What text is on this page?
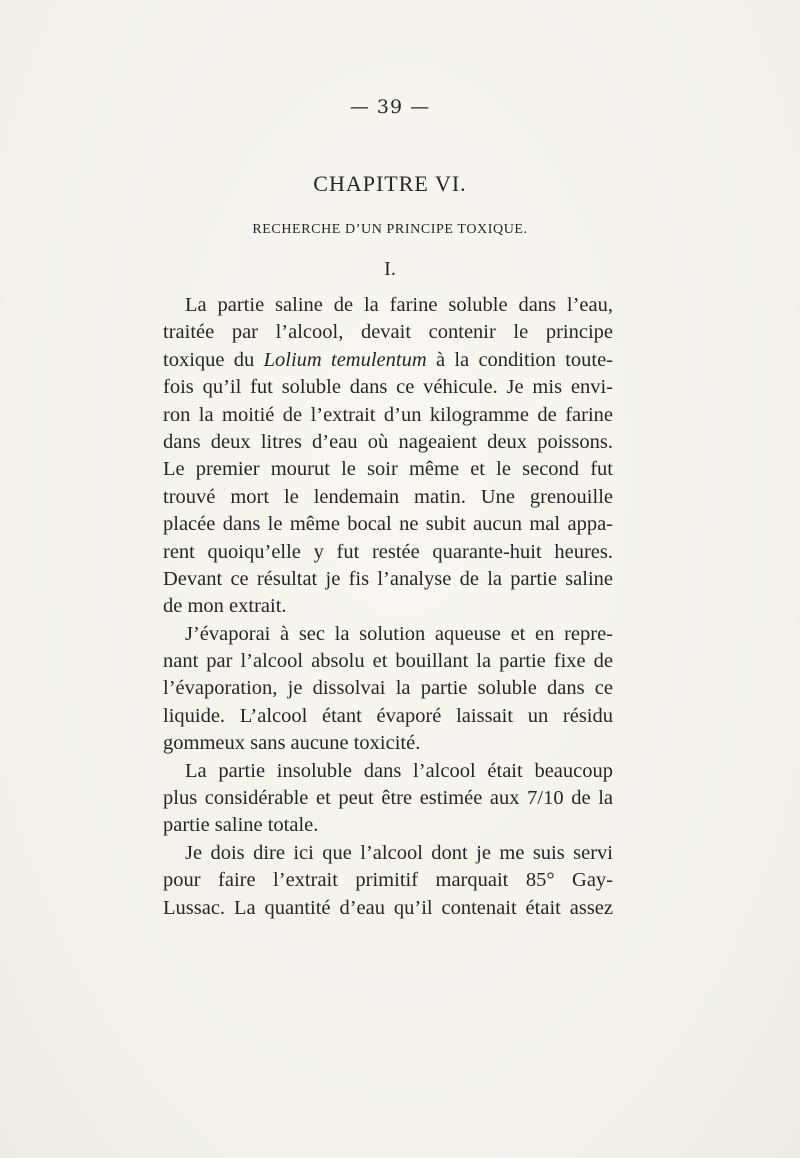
— 39 —
CHAPITRE VI.
RECHERCHE D’UN PRINCIPE TOXIQUE.
I.
La partie saline de la farine soluble dans l’eau,
traitée par l’alcool, devait contenir le principe
toxique du Lolium temulentum à la condition toute-
fois qu’il fut soluble dans ce véhicule. Je mis envi-
ron la moitié de l’extrait d’un kilogramme de farine
dans deux litres d’eau où nageaient deux poissons.
Le premier mourut le soir même et le second fut
trouvé mort le lendemain matin. Une grenouille
placée dans le même bocal ne subit aucun mal appa-
rent quoiqu’elle y fut restée quarante-huit heures.
Devant ce résultat je fis l’analyse de la partie saline
de mon extrait.
J’évaporai à sec la solution aqueuse et en repre-
nant par l’alcool absolu et bouillant la partie fixe de
l’évaporation, je dissolvai la partie soluble dans ce
liquide. L’alcool étant évaporé laissait un résidu
gommeux sans aucune toxicité.
La partie insoluble dans l’alcool était beaucoup
plus considérable et peut être estimée aux 7/10 de la
partie saline totale.
Je dois dire ici que l’alcool dont je me suis servi
pour faire l’extrait primitif marquait 85° Gay-
Lussac. La quantité d’eau qu’il contenait était assez
